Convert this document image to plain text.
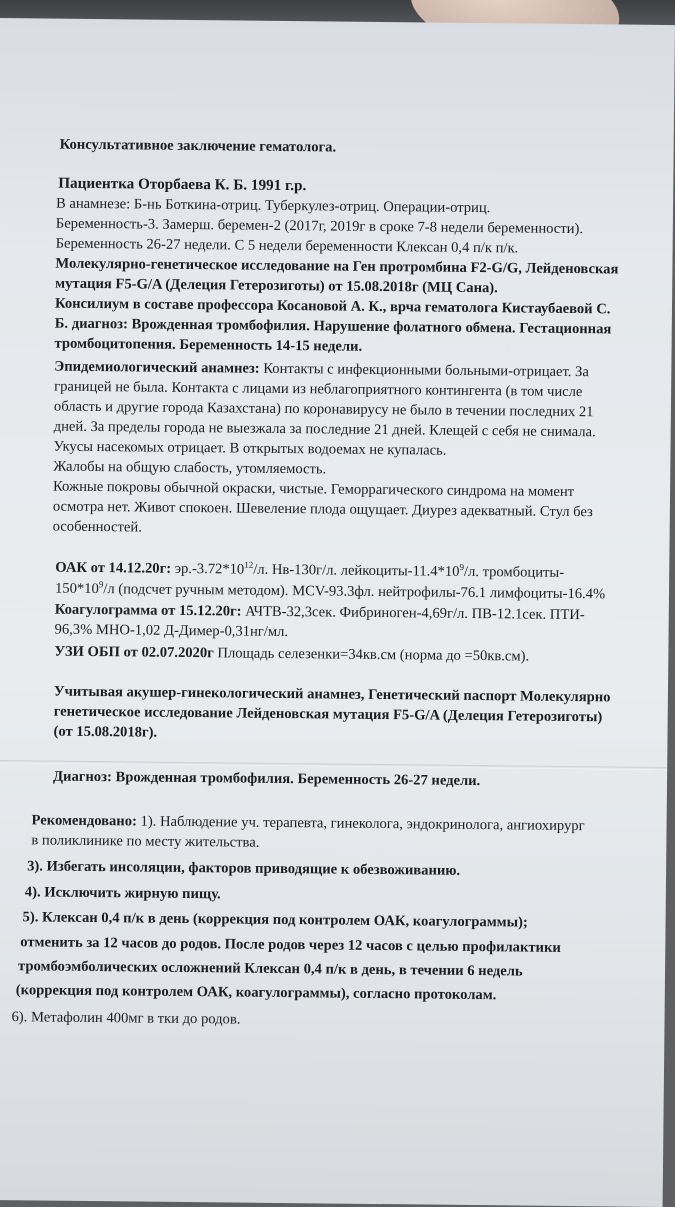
Консультативное заключение гематолога.
Пациентка Оторбаева К. Б. 1991 г.р.
В анамнезе: Б-нь Боткина-отриц. Туберкулез-отриц. Операции-отриц.
Беременность-3. Замерш. беремен-2 (2017г, 2019г в сроке 7-8 недели беременности).
Беременность 26-27 недели. С 5 недели беременности Клексан 0,4 п/к п/к.
Молекулярно-генетическое исследование на Ген протромбина F2-G/G, Лейденовская
мутация F5-G/A (Делеция Гетерозиготы) от 15.08.2018г (МЦ Сана).
Консилиум в составе профессора Косановой А. К., врча гематолога Кистаубаевой С.
Б. диагноз: Врожденная тромбофилия. Нарушение фолатного обмена. Гестационная
тромбоцитопения. Беременность 14-15 недели.
Эпидемиологический анамнез: Контакты с инфекционными больными-отрицает. За
границей не была. Контакта с лицами из неблагоприятного контингента (в том числе
область и другие города Казахстана) по коронавирусу не было в течении последних 21
дней. За пределы города не выезжала за последние 21 дней. Клещей с себя не снимала.
Укусы насекомых отрицает. В открытых водоемах не купалась.
Жалобы на общую слабость, утомляемость.
Кожные покровы обычной окраски, чистые. Геморрагического синдрома на момент
осмотра нет. Живот спокоен. Шевеление плода ощущает. Диурез адекватный. Стул без
особенностей.
ОАК от 14.12.20г: $эр.-3.72*10^{12}/л$. Нв-130г/л. лейкоциты-$11.4*10^9/л$. тромбоциты-
$150*10^9/л$ (подсчет ручным методом). MCV-93.3фл. нейтрофилы-76.1 лимфоциты-16.4%
Коагулограмма от 15.12.20г: АЧТВ-32,3сек. Фибриноген-4,69г/л. ПВ-12.1сек. ПТИ-
96,3% МНО-1,02 Д-Димер-0,31нг/мл.
УЗИ ОБП от 02.07.2020г Площадь селезенки=34кв.см (норма до =50кв.см).
Учитывая акушер-гинекологический анамнез, Генетический паспорт Молекулярно
генетическое исследование Лейденовская мутация F5-G/A (Делеция Гетерозиготы)
(от 15.08.2018г).
Диагноз: Врожденная тромбофилия. Беременность 26-27 недели.
Рекомендовано: 1). Наблюдение уч. терапевта, гинеколога, эндокринолога, ангиохирург
в поликлинике по месту жительства.
3). Избегать инсоляции, факторов приводящие к обезвоживанию.
4). Исключить жирную пищу.
5). Клексан 0,4 п/к в день (коррекция под контролем ОАК, коагулограммы);
отменить за 12 часов до родов. После родов через 12 часов с целью профилактики
тромбоэмболических осложнений Клексан 0,4 п/к в день, в течении 6 недель
(коррекция под контролем ОАК, коагулограммы), согласно протоколам.
6). Метафолин 400мг в тки до родов.
